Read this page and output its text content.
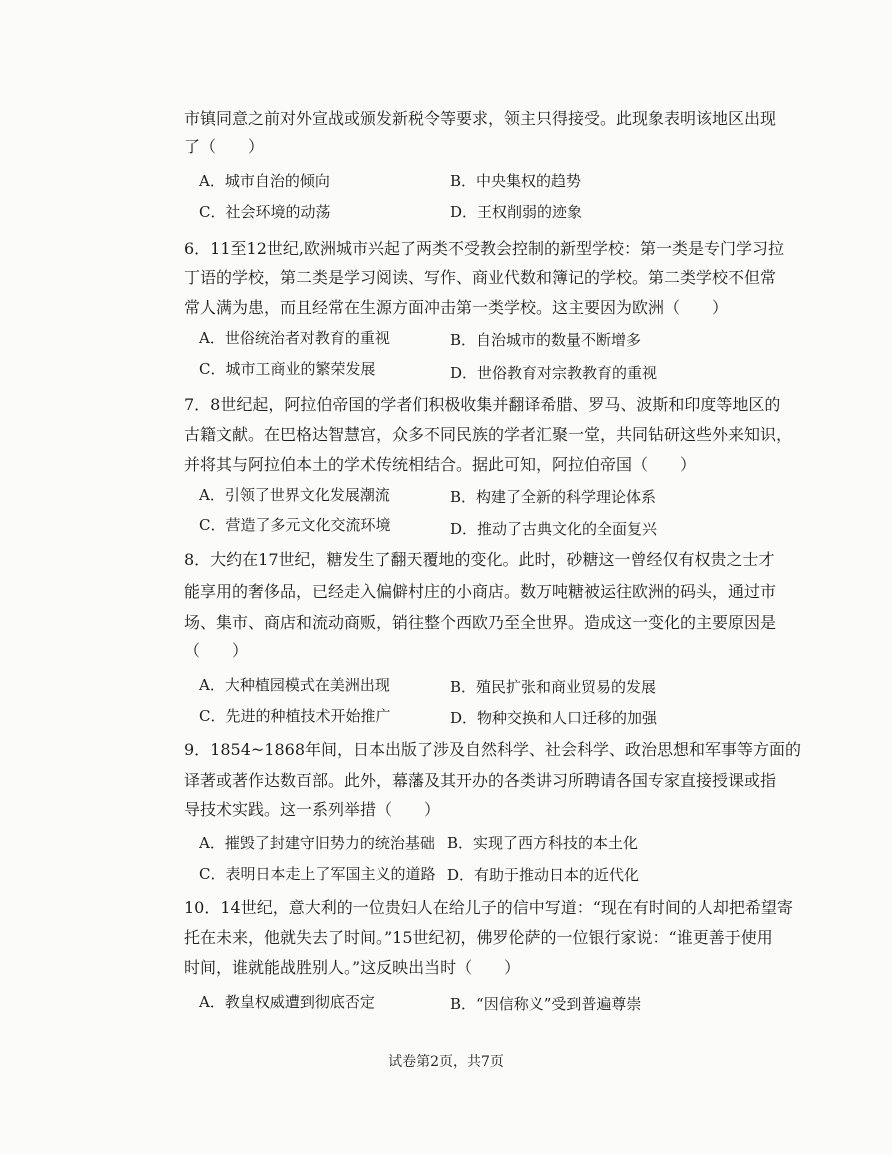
市镇同意之前对外宣战或颁发新税令等要求，领主只得接受。此现象表明该地区出现
了（　　）
A．城市自治的倾向	B．中央集权的趋势
C．社会环境的动荡	D．王权削弱的迹象
6．11至12世纪,欧洲城市兴起了两类不受教会控制的新型学校：第一类是专门学习拉
丁语的学校，第二类是学习阅读、写作、商业代数和簿记的学校。第二类学校不但常
常人满为患，而且经常在生源方面冲击第一类学校。这主要因为欧洲（　　）
A．世俗统治者对教育的重视	B．自治城市的数量不断增多
C．城市工商业的繁荣发展	D．世俗教育对宗教教育的重视
7．8世纪起，阿拉伯帝国的学者们积极收集并翻译希腊、罗马、波斯和印度等地区的
古籍文献。在巴格达智慧宫，众多不同民族的学者汇聚一堂，共同钻研这些外来知识，
并将其与阿拉伯本土的学术传统相结合。据此可知，阿拉伯帝国（　　）
A．引领了世界文化发展潮流	B．构建了全新的科学理论体系
C．营造了多元文化交流环境	D．推动了古典文化的全面复兴
8．大约在17世纪，糖发生了翻天覆地的变化。此时，砂糖这一曾经仅有权贵之士才
能享用的奢侈品，已经走入偏僻村庄的小商店。数万吨糖被运往欧洲的码头，通过市
场、集市、商店和流动商贩，销往整个西欧乃至全世界。造成这一变化的主要原因是
（　　）
A．大种植园模式在美洲出现	B．殖民扩张和商业贸易的发展
C．先进的种植技术开始推广	D．物种交换和人口迁移的加强
9．1854~1868年间，日本出版了涉及自然科学、社会科学、政治思想和军事等方面的
译著或著作达数百部。此外，幕藩及其开办的各类讲习所聘请各国专家直接授课或指
导技术实践。这一系列举措（　　）
A．摧毁了封建守旧势力的统治基础 B．实现了西方科技的本土化
C．表明日本走上了军国主义的道路 D．有助于推动日本的近代化
10．14世纪，意大利的一位贵妇人在给儿子的信中写道：“现在有时间的人却把希望寄
托在未来，他就失去了时间。”15世纪初，佛罗伦萨的一位银行家说：“谁更善于使用
时间，谁就能战胜别人。”这反映出当时（　　）
A．教皇权威遭到彻底否定	B．“因信称义”受到普遍尊崇
试卷第2页，共7页
